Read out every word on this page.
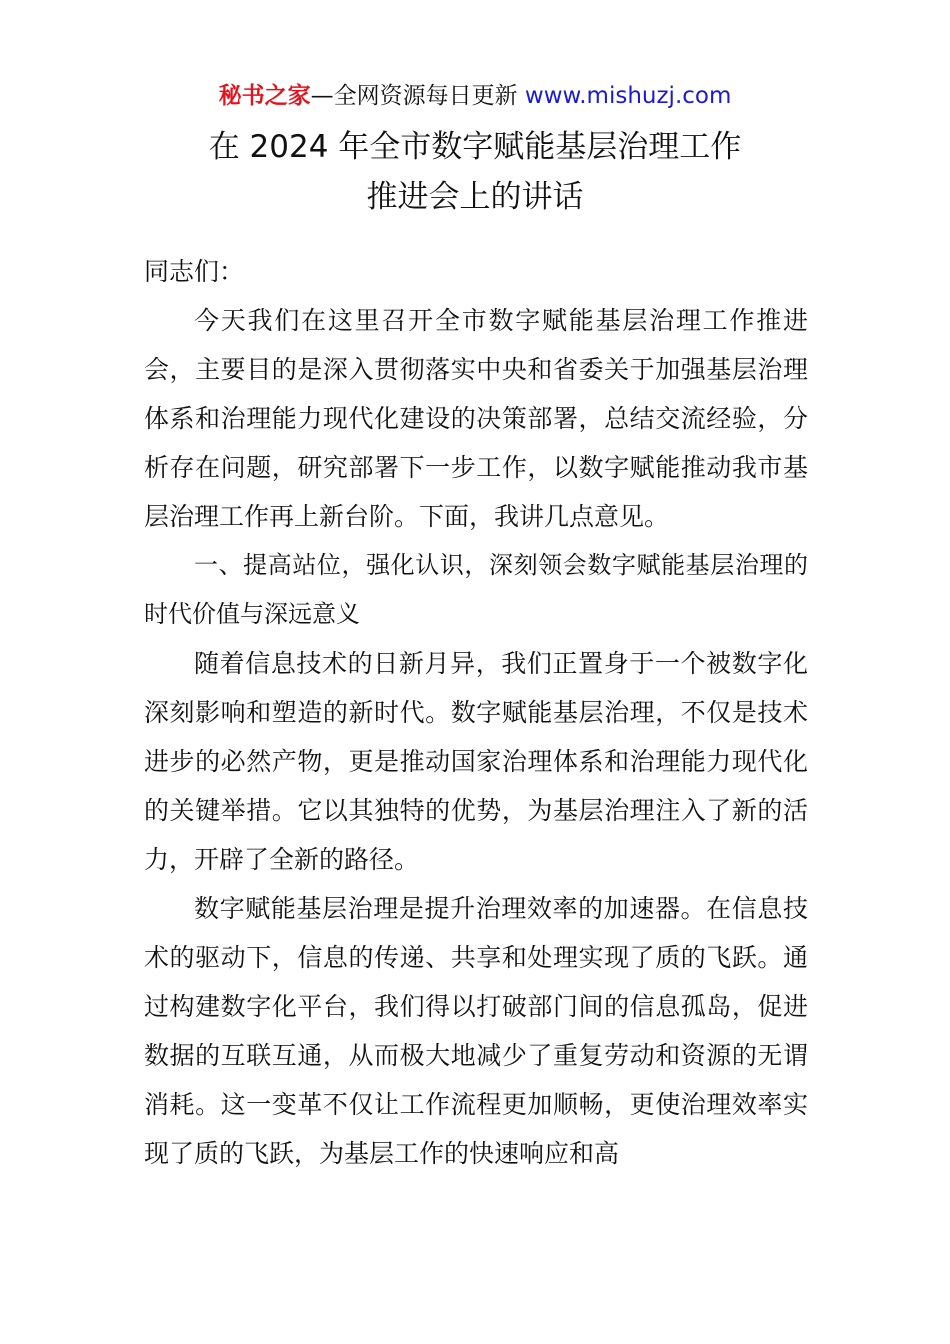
秘书之家—全网资源每日更新 www.mishuzj.com
在 2024 年全市数字赋能基层治理工作
推进会上的讲话

同志们：

今天我们在这里召开全市数字赋能基层治理工作推进会，主要目的是深入贯彻落实中央和省委关于加强基层治理体系和治理能力现代化建设的决策部署，总结交流经验，分析存在问题，研究部署下一步工作，以数字赋能推动我市基层治理工作再上新台阶。下面，我讲几点意见。

一、提高站位，强化认识，深刻领会数字赋能基层治理的时代价值与深远意义

随着信息技术的日新月异，我们正置身于一个被数字化深刻影响和塑造的新时代。数字赋能基层治理，不仅是技术进步的必然产物，更是推动国家治理体系和治理能力现代化的关键举措。它以其独特的优势，为基层治理注入了新的活力，开辟了全新的路径。

数字赋能基层治理是提升治理效率的加速器。在信息技术的驱动下，信息的传递、共享和处理实现了质的飞跃。通过构建数字化平台，我们得以打破部门间的信息孤岛，促进数据的互联互通，从而极大地减少了重复劳动和资源的无谓消耗。这一变革不仅让工作流程更加顺畅，更使治理效率实现了质的飞跃，为基层工作的快速响应和高
